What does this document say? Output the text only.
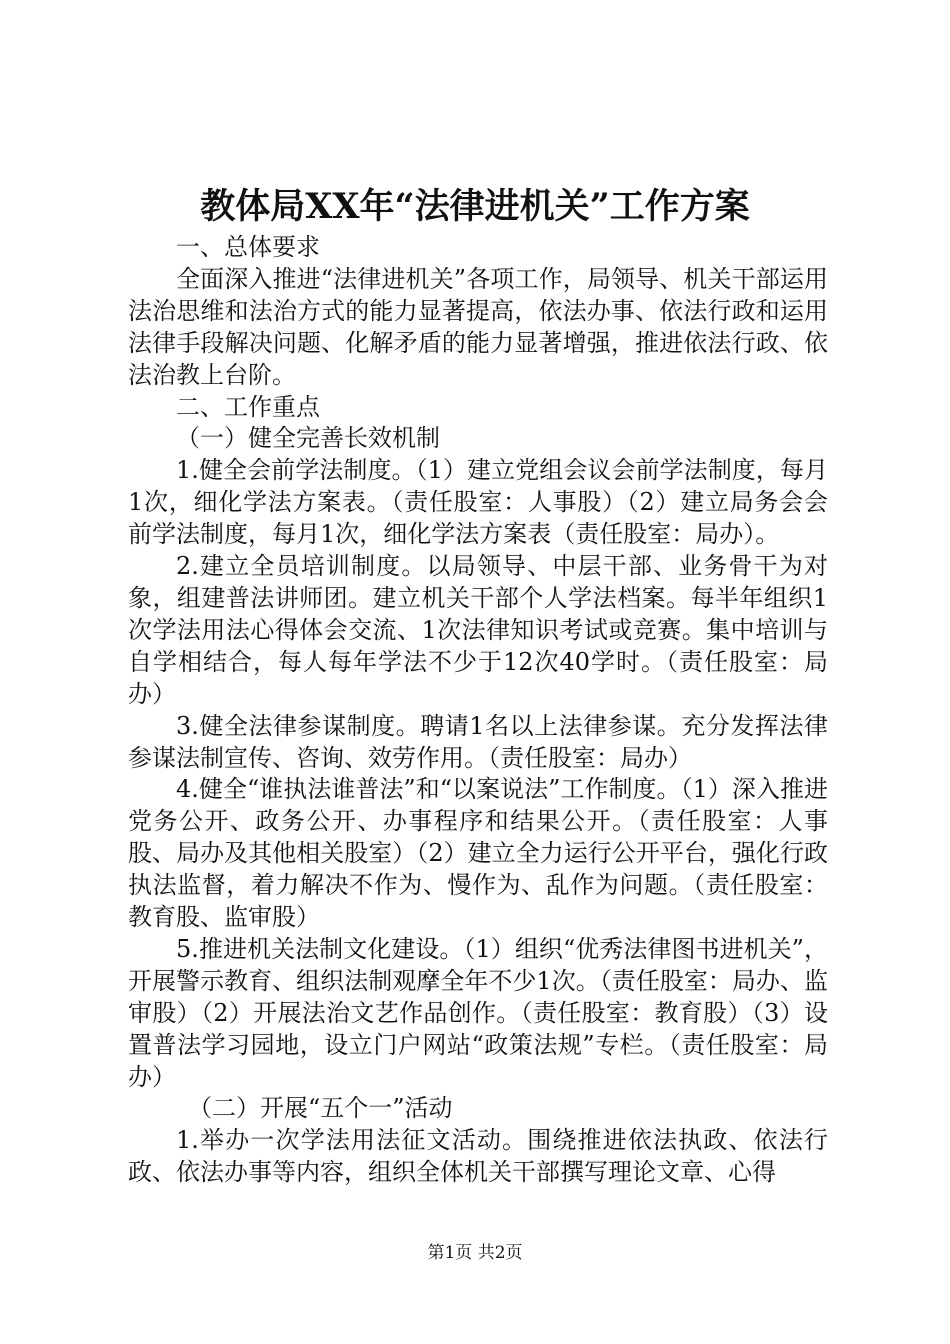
教体局XX年“法律进机关”工作方案

一、总体要求

全面深入推进“法律进机关”各项工作，局领导、机关干部运用法治思维和法治方式的能力显著提高，依法办事、依法行政和运用法律手段解决问题、化解矛盾的能力显著增强，推进依法行政、依法治教上台阶。

二、工作重点

（一）健全完善长效机制

1.健全会前学法制度。（1）建立党组会议会前学法制度，每月1次，细化学法方案表。（责任股室：人事股）（2）建立局务会会前学法制度，每月1次，细化学法方案表（责任股室：局办）。

2.建立全员培训制度。以局领导、中层干部、业务骨干为对象，组建普法讲师团。建立机关干部个人学法档案。每半年组织1次学法用法心得体会交流、1次法律知识考试或竞赛。集中培训与自学相结合，每人每年学法不少于12次40学时。（责任股室：局办）

3.健全法律参谋制度。聘请1名以上法律参谋。充分发挥法律参谋法制宣传、咨询、效劳作用。（责任股室：局办）

4.健全“谁执法谁普法”和“以案说法”工作制度。（1）深入推进党务公开、政务公开、办事程序和结果公开。（责任股室：人事股、局办及其他相关股室）（2）建立全力运行公开平台，强化行政执法监督，着力解决不作为、慢作为、乱作为问题。（责任股室：教育股、监审股）

5.推进机关法制文化建设。（1）组织“优秀法律图书进机关”，开展警示教育、组织法制观摩全年不少1次。（责任股室：局办、监审股）（2）开展法治文艺作品创作。（责任股室：教育股）（3）设置普法学习园地，设立门户网站“政策法规”专栏。（责任股室：局办）

（二）开展“五个一”活动

1.举办一次学法用法征文活动。围绕推进依法执政、依法行政、依法办事等内容，组织全体机关干部撰写理论文章、心得

第1页 共2页
